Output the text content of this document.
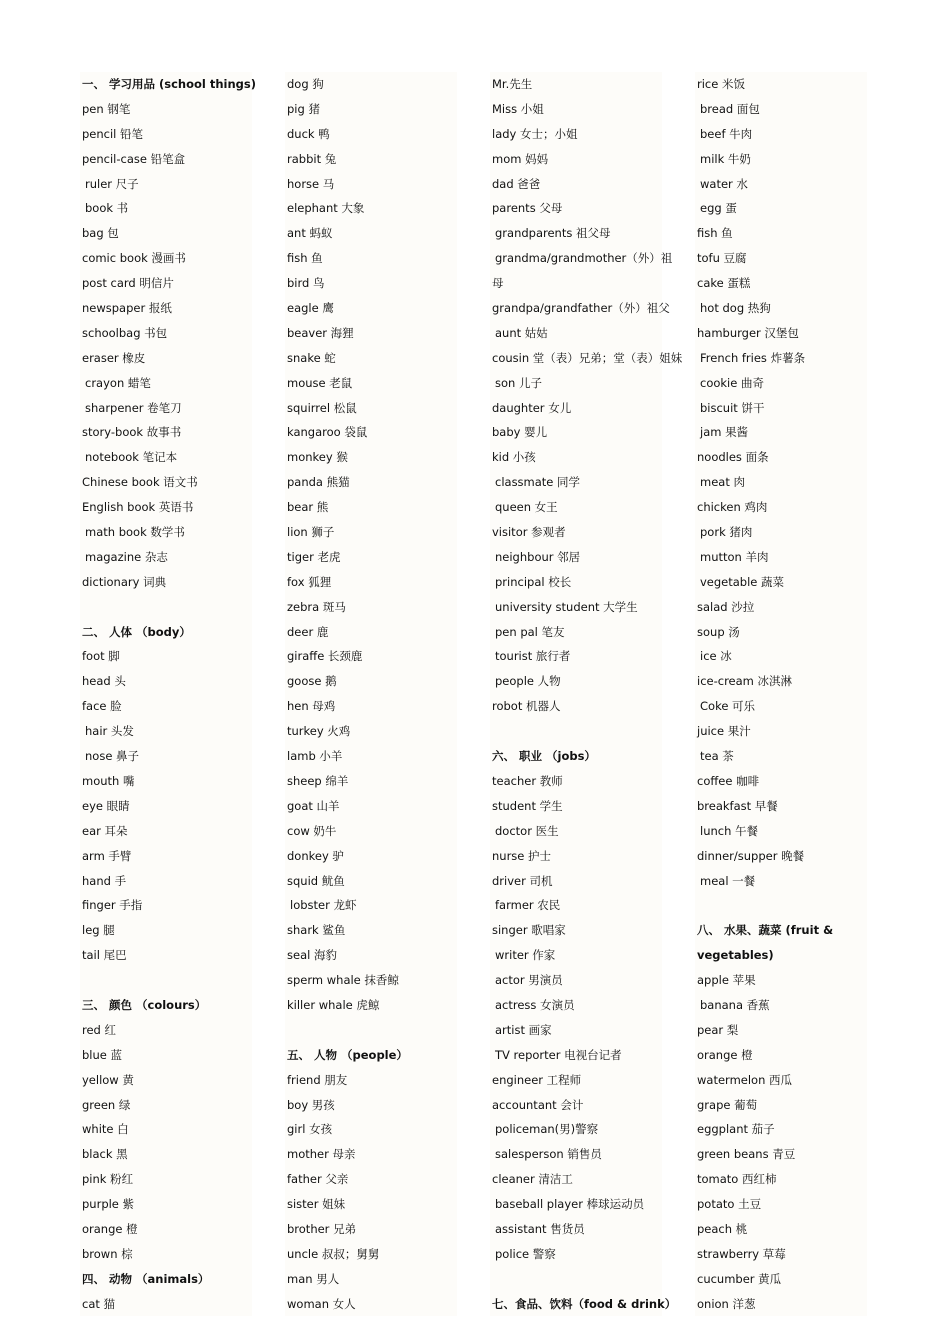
一、 学习用品 (school things)
pen 钢笔
pencil 铅笔
pencil-case 铅笔盒
ruler 尺子
book 书
bag 包
comic book 漫画书
post card 明信片
newspaper 报纸
schoolbag 书包
eraser 橡皮
crayon 蜡笔
sharpener 卷笔刀
story-book 故事书
notebook 笔记本
Chinese book 语文书
English book 英语书
math book 数学书
magazine 杂志
dictionary 词典
二、 人体 （body）
foot 脚
head 头
face 脸
hair 头发
nose 鼻子
mouth 嘴
eye 眼睛
ear 耳朵
arm 手臂
hand 手
finger 手指
leg 腿
tail 尾巴
三、 颜色 （colours）
red 红
blue 蓝
yellow 黄
green 绿
white 白
black 黑
pink 粉红
purple 紫
orange 橙
brown 棕
四、 动物 （animals）
cat 猫
dog 狗
pig 猪
duck 鸭
rabbit 兔
horse 马
elephant 大象
ant 蚂蚁
fish 鱼
bird 鸟
eagle 鹰
beaver 海狸
snake 蛇
mouse 老鼠
squirrel 松鼠
kangaroo 袋鼠
monkey 猴
panda 熊猫
bear 熊
lion 狮子
tiger 老虎
fox 狐狸
zebra 斑马
deer 鹿
giraffe 长颈鹿
goose 鹅
hen 母鸡
turkey 火鸡
lamb 小羊
sheep 绵羊
goat 山羊
cow 奶牛
donkey 驴
squid 鱿鱼
lobster 龙虾
shark 鲨鱼
seal 海豹
sperm whale 抹香鲸
killer whale 虎鲸
五、 人物 （people）
friend 朋友
boy 男孩
girl 女孩
mother 母亲
father 父亲
sister 姐妹
brother 兄弟
uncle 叔叔；舅舅
man 男人
woman 女人
Mr.先生
Miss 小姐
lady 女士；小姐
mom 妈妈
dad 爸爸
parents 父母
grandparents 祖父母
grandma/grandmother（外）祖
母
grandpa/grandfather（外）祖父
aunt 姑姑
cousin 堂（表）兄弟；堂（表）姐妹
son 儿子
daughter 女儿
baby 婴儿
kid 小孩
classmate 同学
queen 女王
visitor 参观者
neighbour 邻居
principal 校长
university student 大学生
pen pal 笔友
tourist 旅行者
people 人物
robot 机器人
六、 职业 （jobs）
teacher 教师
student 学生
doctor 医生
nurse 护士
driver 司机
farmer 农民
singer 歌唱家
writer 作家
actor 男演员
actress 女演员
artist 画家
TV reporter 电视台记者
engineer 工程师
accountant 会计
policeman(男)警察
salesperson 销售员
cleaner 清洁工
baseball player 棒球运动员
assistant 售货员
police 警察
七、食品、饮料（food & drink）
rice 米饭
bread 面包
beef 牛肉
milk 牛奶
water 水
egg 蛋
fish 鱼
tofu 豆腐
cake 蛋糕
hot dog 热狗
hamburger 汉堡包
French fries 炸薯条
cookie 曲奇
biscuit 饼干
jam 果酱
noodles 面条
meat 肉
chicken 鸡肉
pork 猪肉
mutton 羊肉
vegetable 蔬菜
salad 沙拉
soup 汤
ice 冰
ice-cream 冰淇淋
Coke 可乐
juice 果汁
tea 茶
coffee 咖啡
breakfast 早餐
lunch 午餐
dinner/supper 晚餐
meal 一餐
八、 水果、蔬菜 (fruit &
vegetables)
apple 苹果
banana 香蕉
pear 梨
orange 橙
watermelon 西瓜
grape 葡萄
eggplant 茄子
green beans 青豆
tomato 西红柿
potato 土豆
peach 桃
strawberry 草莓
cucumber 黄瓜
onion 洋葱
